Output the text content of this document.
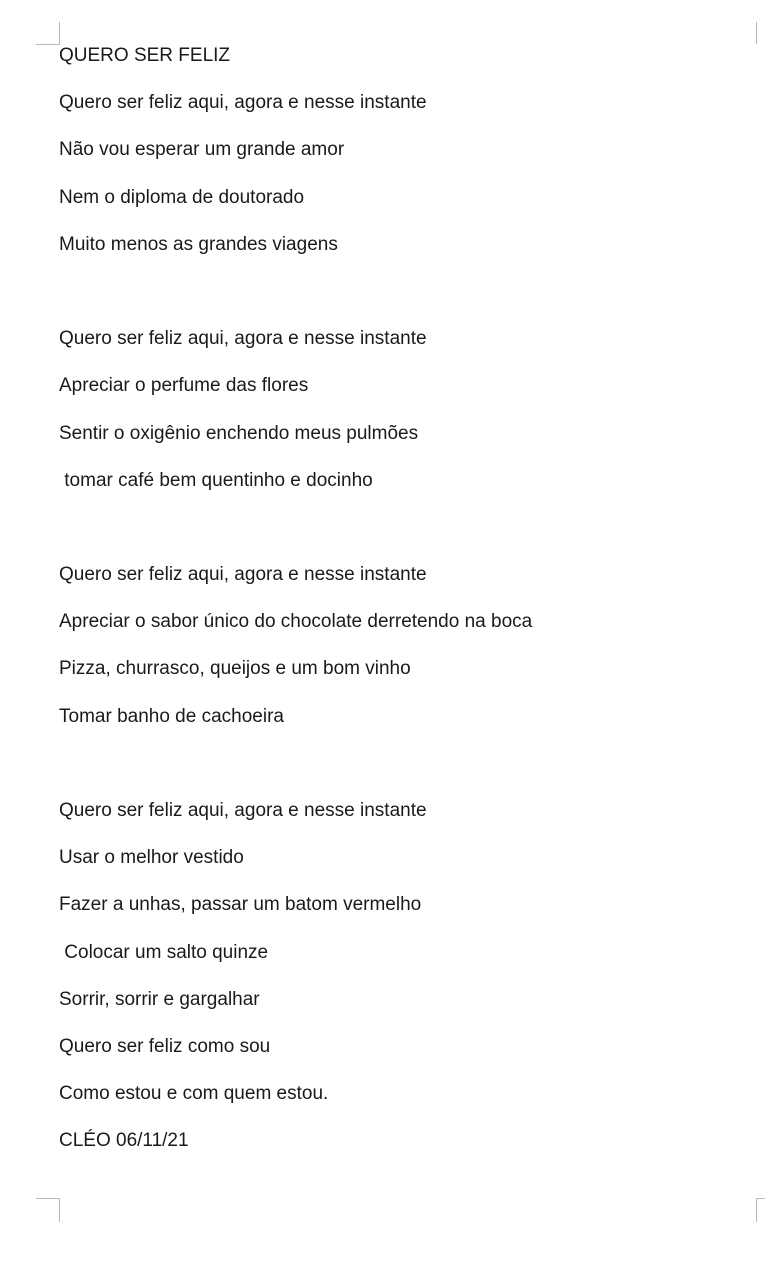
QUERO SER FELIZ
Quero ser feliz aqui, agora e nesse instante
Não vou esperar um grande amor
Nem o diploma de doutorado
Muito menos as grandes viagens
Quero ser feliz aqui, agora e nesse instante
Apreciar o perfume das flores
Sentir o oxigênio enchendo meus pulmões
tomar café bem quentinho e docinho
Quero ser feliz aqui, agora e nesse instante
Apreciar o sabor único do chocolate derretendo na boca
Pizza, churrasco, queijos e um bom vinho
Tomar banho de cachoeira
Quero ser feliz aqui, agora e nesse instante
Usar o melhor vestido
Fazer a unhas, passar um batom vermelho
Colocar um salto quinze
Sorrir, sorrir e gargalhar
Quero ser feliz como sou
Como estou e com quem estou.
CLÉO 06/11/21
